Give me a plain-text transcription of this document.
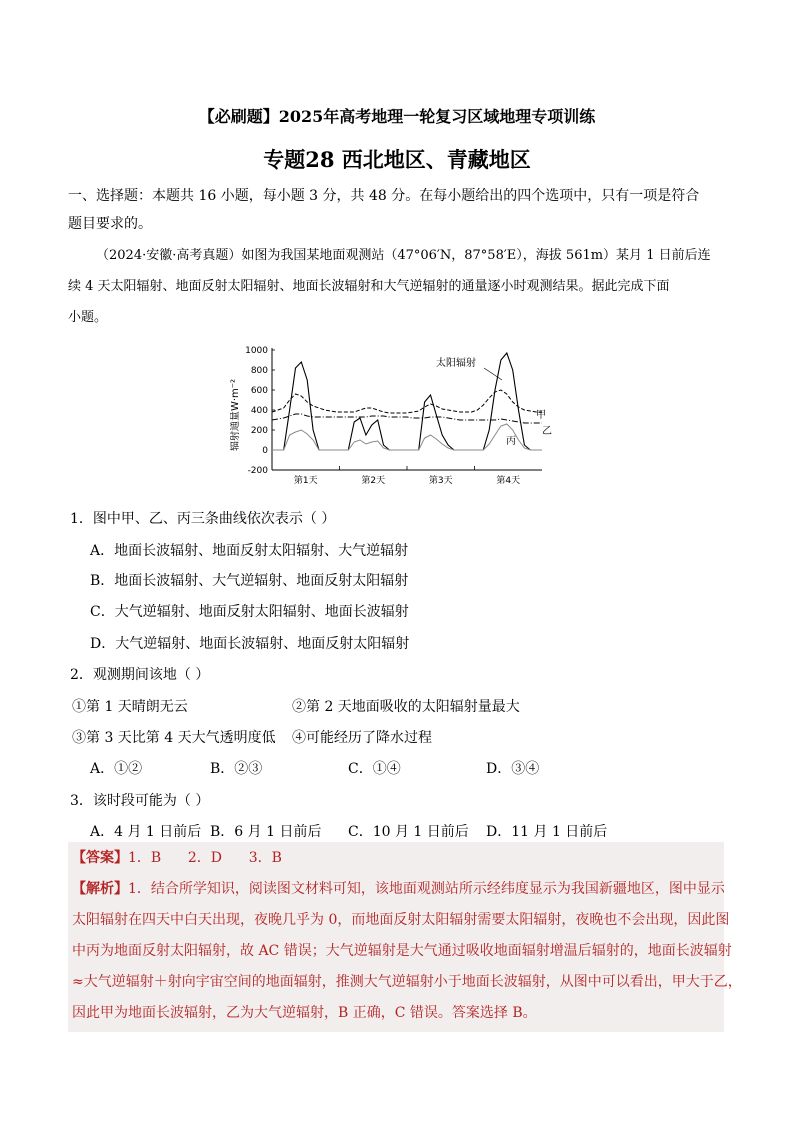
【必刷题】2025年高考地理一轮复习区域地理专项训练
专题28 西北地区、青藏地区
一、选择题：本题共 16 小题，每小题 3 分，共 48 分。在每小题给出的四个选项中，只有一项是符合
题目要求的。
（2024·安徽·高考真题）如图为我国某地面观测站（47°06′N，87°58′E），海拔 561m）某月 1 日前后连
续 4 天太阳辐射、地面反射太阳辐射、地面长波辐射和大气逆辐射的通量逐小时观测结果。据此完成下面
小题。
辐射通量W·m⁻²
1000
800
600
400
200
0
-200
第1天	第2天	第3天	第4天
太阳辐射
甲
乙
丙
1．图中甲、乙、丙三条曲线依次表示（ ）
A．地面长波辐射、地面反射太阳辐射、大气逆辐射
B．地面长波辐射、大气逆辐射、地面反射太阳辐射
C．大气逆辐射、地面反射太阳辐射、地面长波辐射
D．大气逆辐射、地面长波辐射、地面反射太阳辐射
2．观测期间该地（ ）
①第 1 天晴朗无云	②第 2 天地面吸收的太阳辐射量最大
③第 3 天比第 4 天大气透明度低 ④可能经历了降水过程
A．①②	B．②③	C．①④	D．③④
3．该时段可能为（ ）
A．4 月 1 日前后 B．6 月 1 日前后 C．10 月 1 日前后 D．11 月 1 日前后
【答案】1．B      2．D      3．B
【解析】1．结合所学知识，阅读图文材料可知，该地面观测站所示经纬度显示为我国新疆地区，图中显示
太阳辐射在四天中白天出现，夜晚几乎为 0，而地面反射太阳辐射需要太阳辐射，夜晚也不会出现，因此图
中丙为地面反射太阳辐射，故 AC 错误；大气逆辐射是大气通过吸收地面辐射增温后辐射的，地面长波辐射
≈大气逆辐射＋射向宇宙空间的地面辐射，推测大气逆辐射小于地面长波辐射，从图中可以看出，甲大于乙，
因此甲为地面长波辐射，乙为大气逆辐射，B 正确，C 错误。答案选择 B。
